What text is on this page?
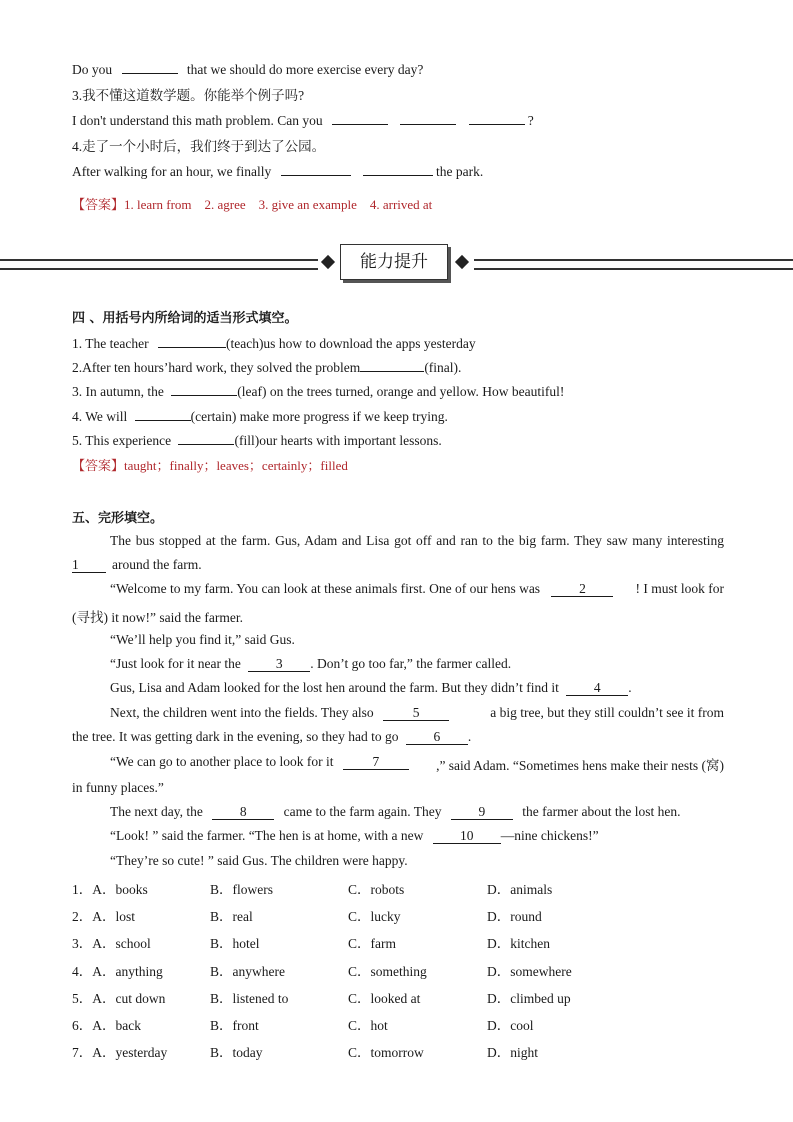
Do you	that we should do more exercise every day?
3.我不懂这道数学题。你能举个例子吗?
I don't understand this math problem. Can you	?
4.走了一个小时后，我们终于到达了公园。
After walking for an hour, we finally	the park.
【答案】1. learn from    2. agree    3. give an example    4. arrived at
能力提升
四 、用括号内所给词的适当形式填空。
1. The teacher	(teach)us how to download the apps yesterday
2.After ten hours’hard work, they solved the problem	(final).
3. In autumn, the	(leaf) on the trees turned, orange and yellow. How beautiful!
4. We will	(certain) make more progress if we keep trying.
5. This experience	(fill)our hearts with important lessons.
【答案】taught；finally；leaves；certainly；filled
五、完形填空。
The bus stopped at the farm. Gus, Adam and Lisa got off and ran to the big farm. They saw many interesting
1 around the farm.
“Welcome to my farm. You can look at these animals first. One of our hens was	2	! I must look for
(寻找) it now!” said the farmer.
“We’ll help you find it,” said Gus.
“Just look for it near the	3 . Don’t go too far,” the farmer called.
Gus, Lisa and Adam looked for the lost hen around the farm. But they didn’t find it	4 .
Next, the children went into the fields. They also	5	a big tree, but they still couldn’t see it from
the tree. It was getting dark in the evening, so they had to go	6 .
“We can go to another place to look for it	7	,” said Adam. “Sometimes hens make their nests (窝)
in funny places.”
The next day, the	8	came to the farm again. They	9	the farmer about the lost hen.
“Look! ” said the farmer. “The hen is at home, with a new	10 —nine chickens!”
“They’re so cute! ” said Gus. The children were happy.
1．A．books	B．flowers	C．robots	D．animals
2．A．lost	B．real	C．lucky	D．round
3．A．school	B．hotel	C．farm	D．kitchen
4．A．anything	B．anywhere	C．something	D．somewhere
5．A．cut down	B．listened to	C．looked at	D．climbed up
6．A．back	B．front	C．hot	D．cool
7．A．yesterday	B．today	C．tomorrow	D．night
